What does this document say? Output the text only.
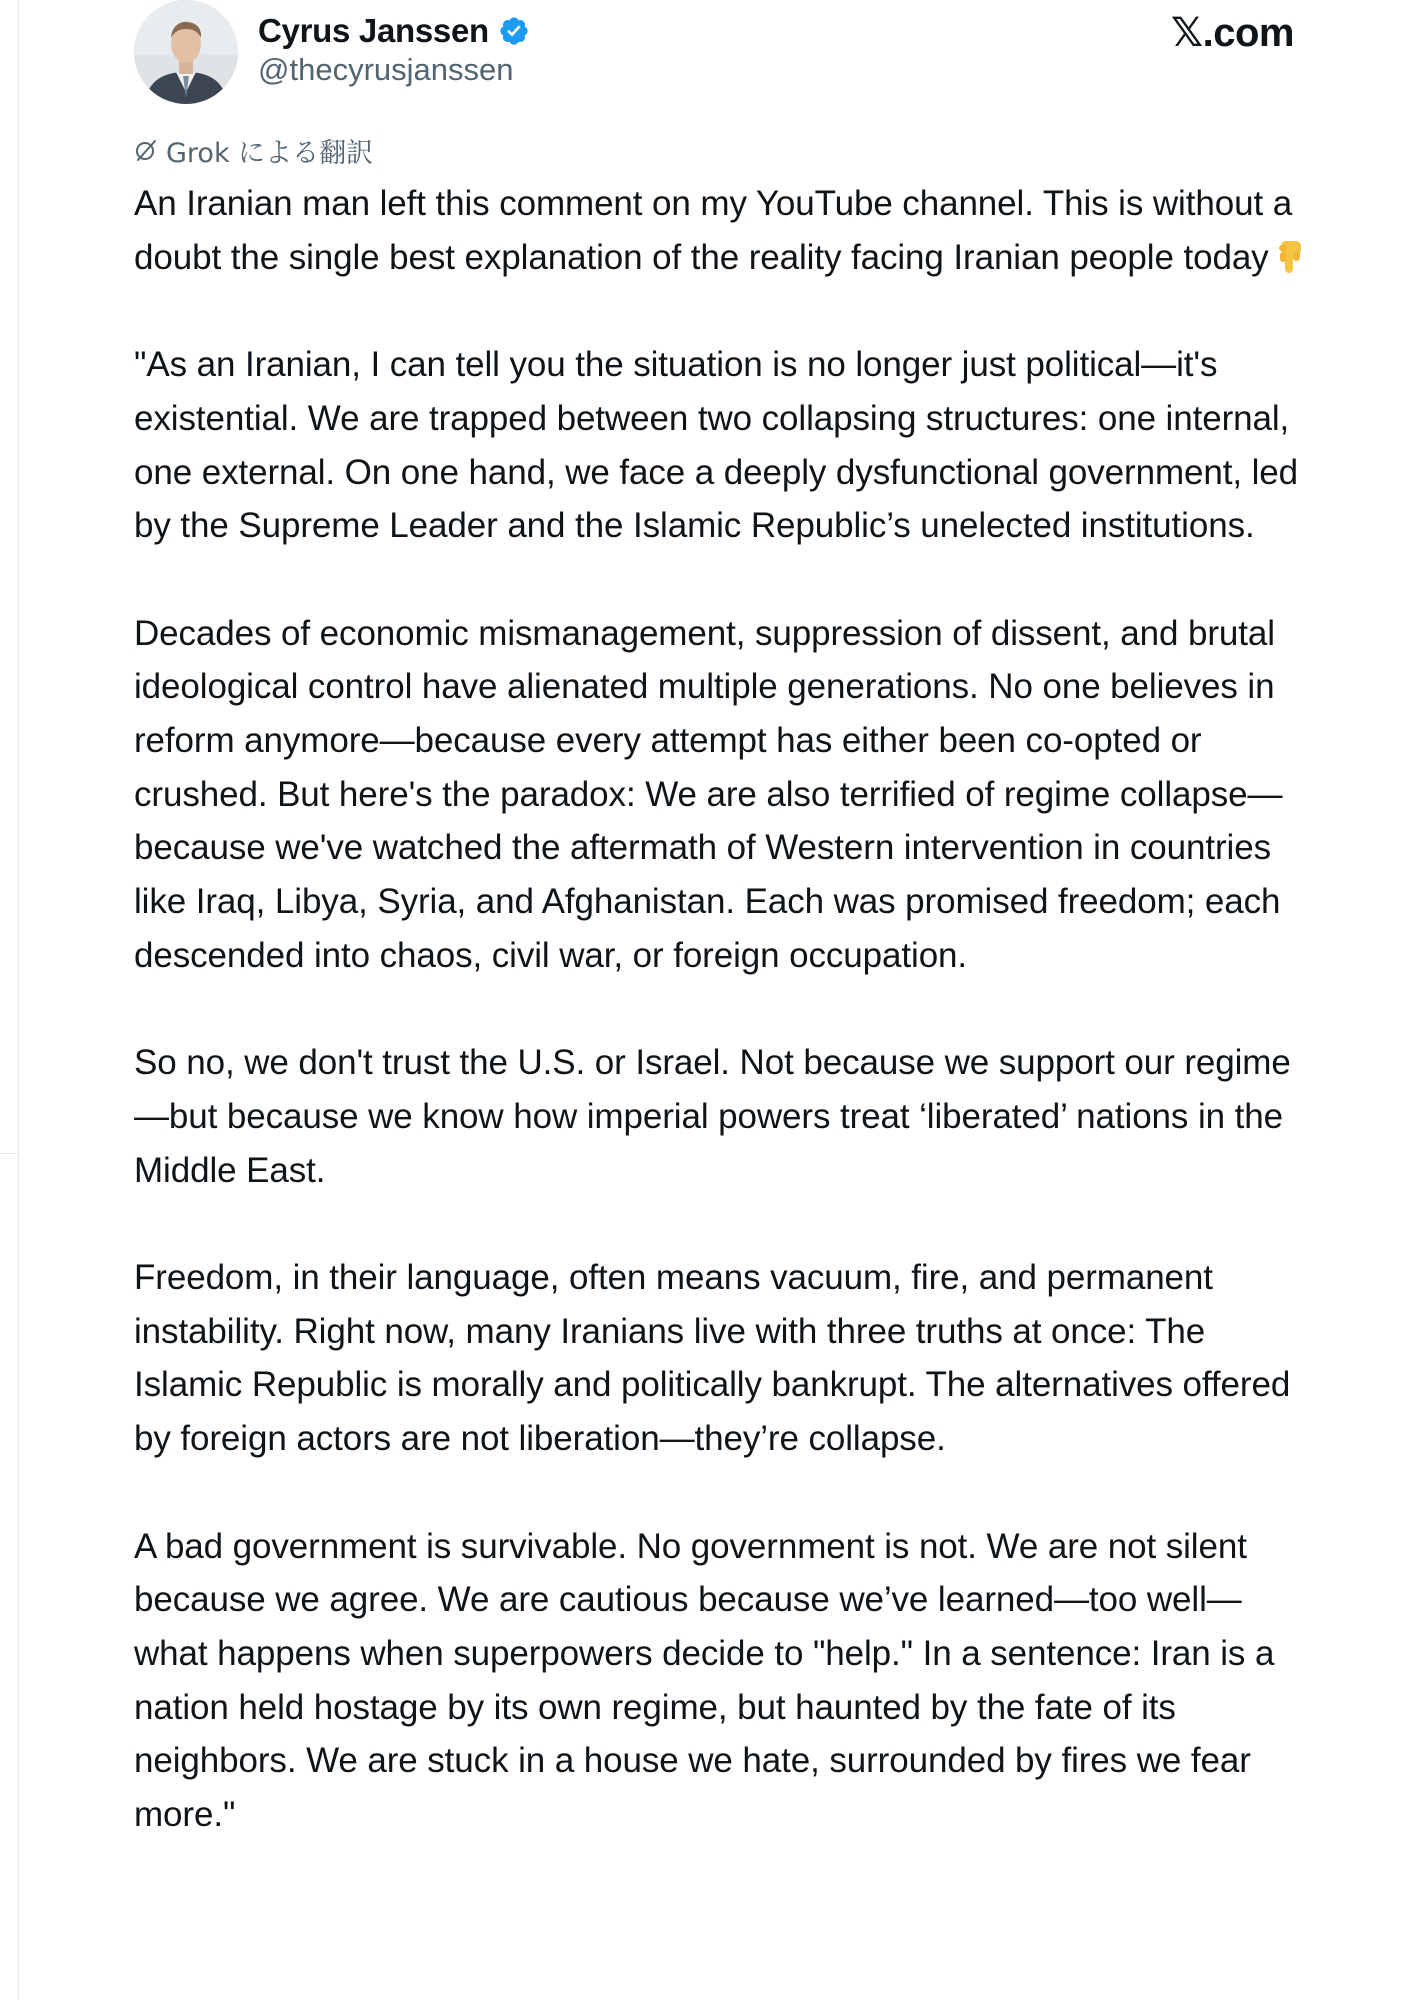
Cyrus Janssen
@thecyrusjanssen
𝕏.com
Grok による翻訳

An Iranian man left this comment on my YouTube channel. This is without a doubt the single best explanation of the reality facing Iranian people today

"As an Iranian, I can tell you the situation is no longer just political—it's existential. We are trapped between two collapsing structures: one internal, one external. On one hand, we face a deeply dysfunctional government, led by the Supreme Leader and the Islamic Republic’s unelected institutions.

Decades of economic mismanagement, suppression of dissent, and brutal ideological control have alienated multiple generations. No one believes in reform anymore—because every attempt has either been co-opted or crushed. But here's the paradox: We are also terrified of regime collapse—because we've watched the aftermath of Western intervention in countries like Iraq, Libya, Syria, and Afghanistan. Each was promised freedom; each descended into chaos, civil war, or foreign occupation.

So no, we don't trust the U.S. or Israel. Not because we support our regime—but because we know how imperial powers treat ‘liberated’ nations in the Middle East.

Freedom, in their language, often means vacuum, fire, and permanent instability. Right now, many Iranians live with three truths at once: The Islamic Republic is morally and politically bankrupt. The alternatives offered by foreign actors are not liberation—they’re collapse.

A bad government is survivable. No government is not. We are not silent because we agree. We are cautious because we’ve learned—too well—what happens when superpowers decide to "help." In a sentence: Iran is a nation held hostage by its own regime, but haunted by the fate of its neighbors. We are stuck in a house we hate, surrounded by fires we fear more."
